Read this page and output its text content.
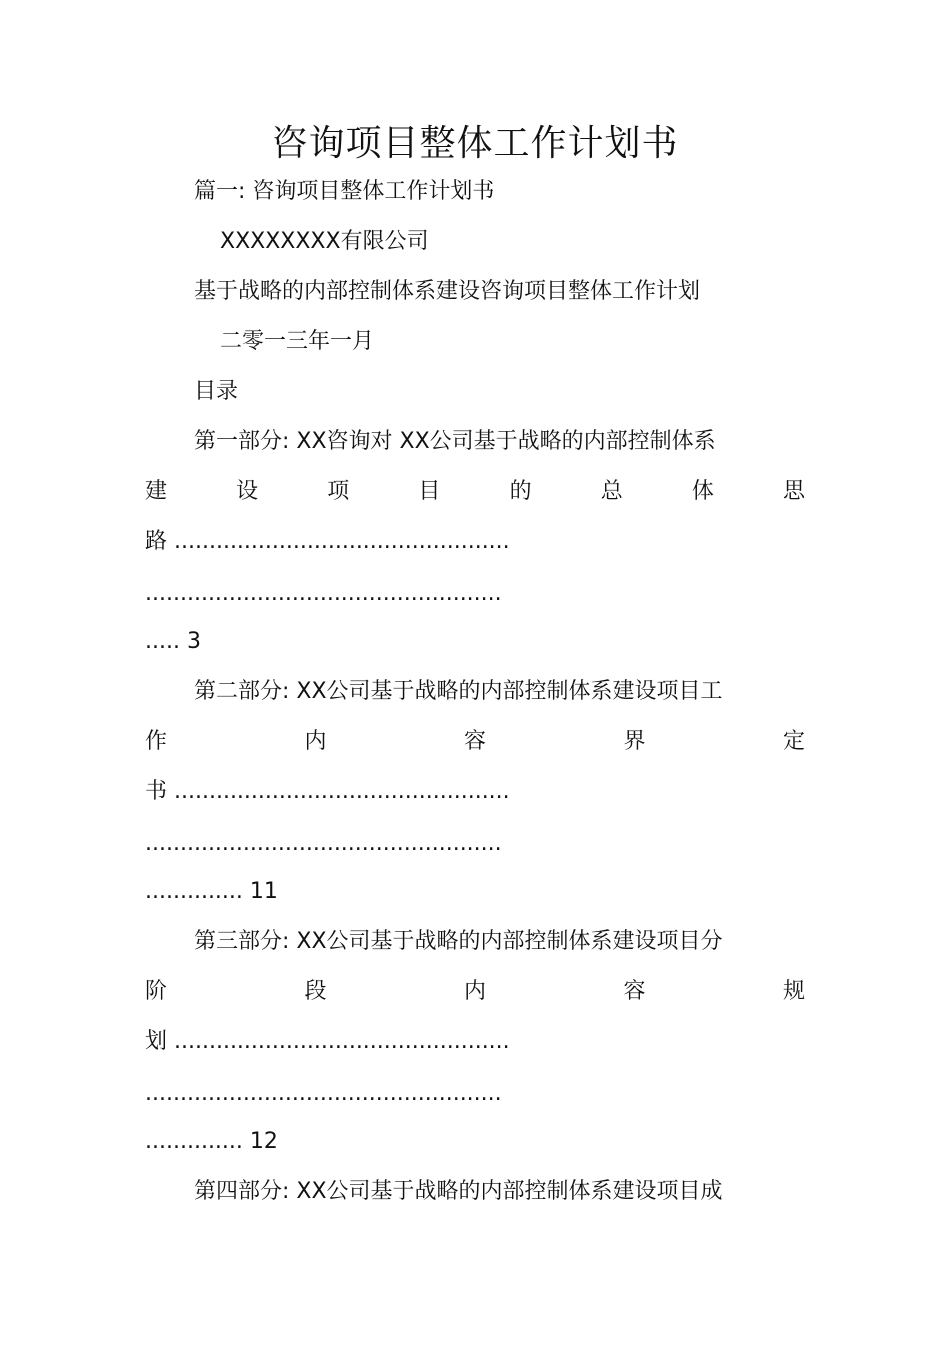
咨询项目整体工作计划书
篇一: 咨询项目整体工作计划书
XXXXXXXX有限公司
基于战略的内部控制体系建设咨询项目整体工作计划
二零一三年一月
目录
第一部分: XX咨询对 XX公司基于战略的内部控制体系
建	设	项	目	的	总	体	思
路 ................................................
...................................................
..... 3
第二部分: XX公司基于战略的内部控制体系建设项目工
作	内	容	界	定
书 ................................................
...................................................
.............. 11
第三部分: XX公司基于战略的内部控制体系建设项目分
阶	段	内	容	规
划 ................................................
...................................................
.............. 12
第四部分: XX公司基于战略的内部控制体系建设项目成
